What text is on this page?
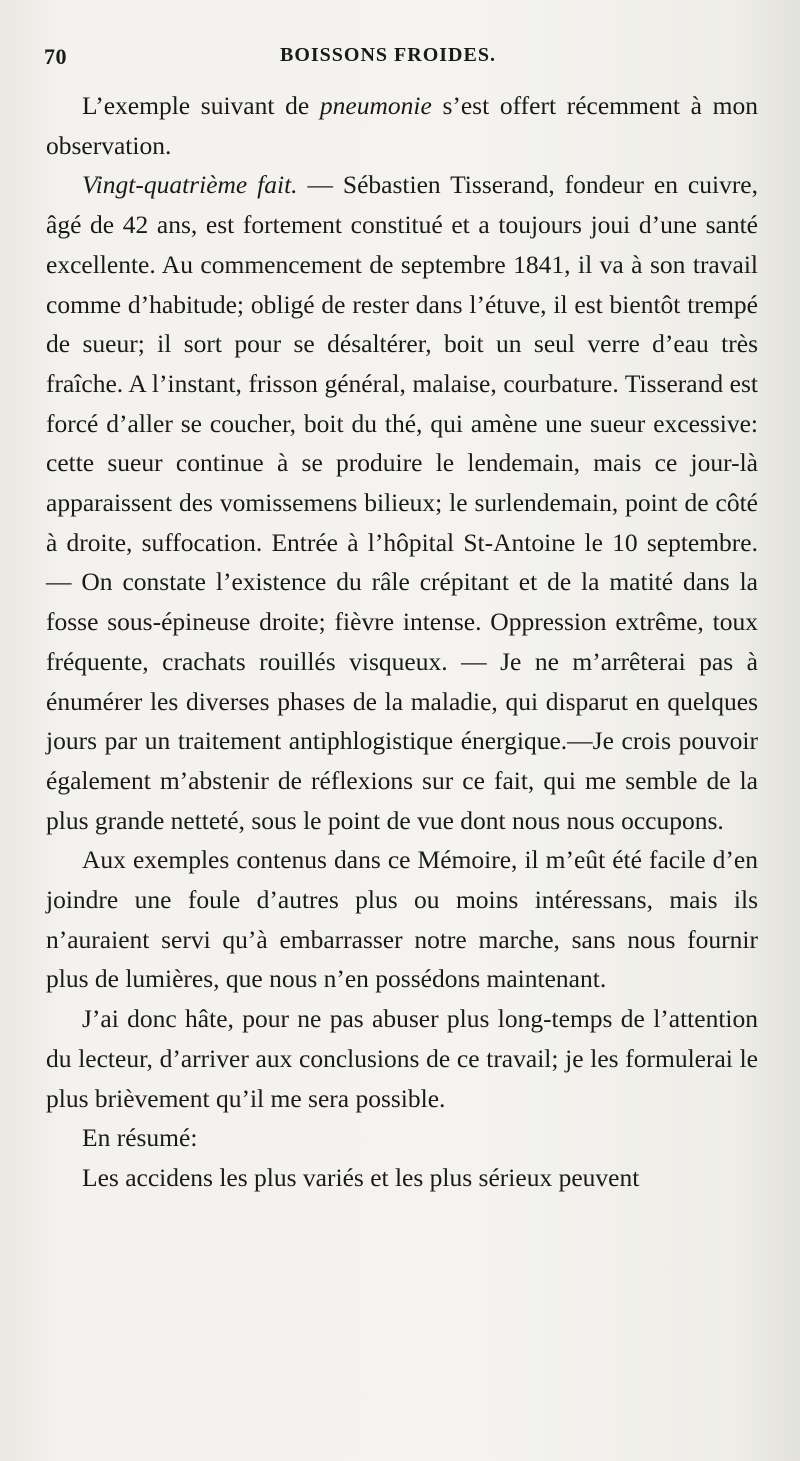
70	BOISSONS FROIDES.

L’exemple suivant de pneumonie s’est offert récemment à mon observation.

Vingt-quatrième fait. — Sébastien Tisserand, fondeur en cuivre, âgé de 42 ans, est fortement constitué et a toujours joui d’une santé excellente. Au commencement de septembre 1841, il va à son travail comme d’habitude; obligé de rester dans l’étuve, il est bientôt trempé de sueur; il sort pour se désaltérer, boit un seul verre d’eau très fraîche. A l’instant, frisson général, malaise, courbature. Tisserand est forcé d’aller se coucher, boit du thé, qui amène une sueur excessive: cette sueur continue à se produire le lendemain, mais ce jour-là apparaissent des vomissemens bilieux; le surlendemain, point de côté à droite, suffocation. Entrée à l’hôpital St-Antoine le 10 septembre. — On constate l’existence du râle crépitant et de la matité dans la fosse sous-épineuse droite; fièvre intense. Oppression extrême, toux fréquente, crachats rouillés visqueux. — Je ne m’arrêterai pas à énumérer les diverses phases de la maladie, qui disparut en quelques jours par un traitement antiphlogistique énergique.—Je crois pouvoir également m’abstenir de réflexions sur ce fait, qui me semble de la plus grande netteté, sous le point de vue dont nous nous occupons.

Aux exemples contenus dans ce Mémoire, il m’eût été facile d’en joindre une foule d’autres plus ou moins intéressans, mais ils n’auraient servi qu’à embarrasser notre marche, sans nous fournir plus de lumières, que nous n’en possédons maintenant.

J’ai donc hâte, pour ne pas abuser plus long-temps de l’attention du lecteur, d’arriver aux conclusions de ce travail; je les formulerai le plus brièvement qu’il me sera possible.

En résumé:

Les accidens les plus variés et les plus sérieux peuvent
